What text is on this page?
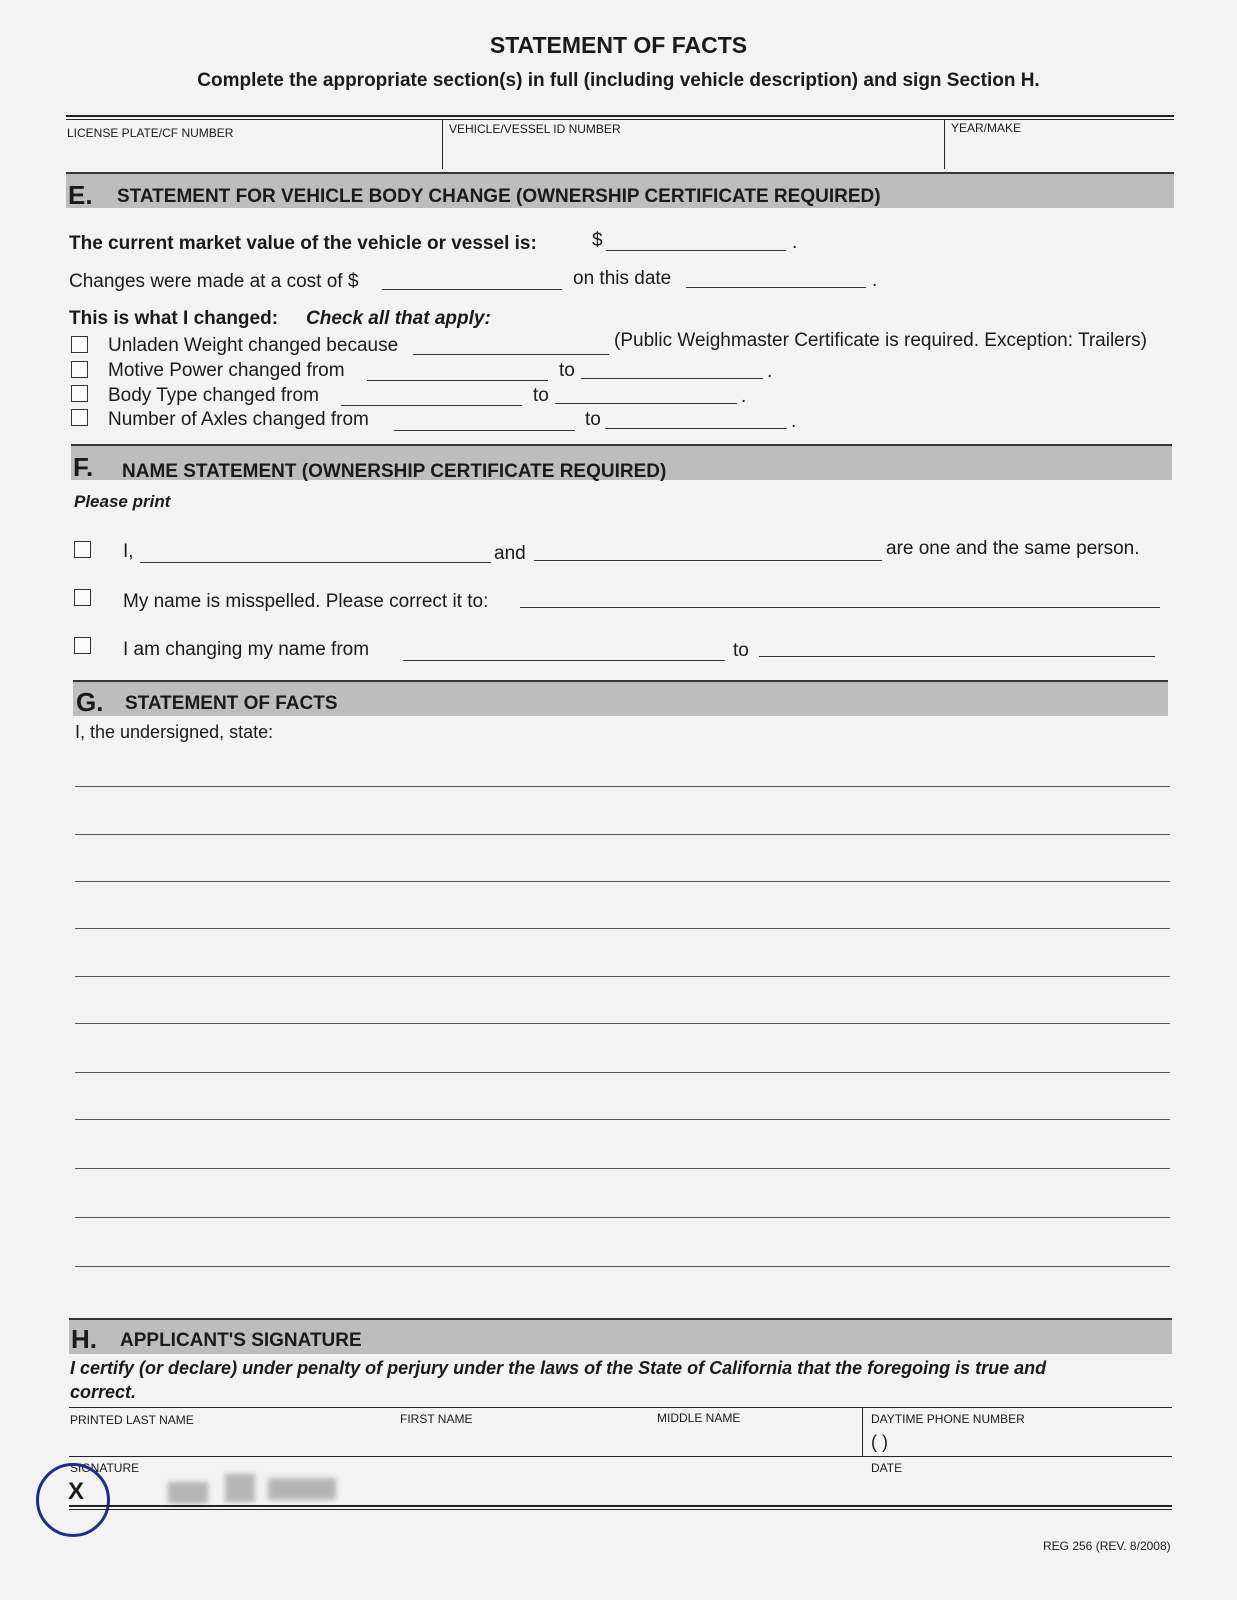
STATEMENT OF FACTS
Complete the appropriate section(s) in full (including vehicle description) and sign Section H.
LICENSE PLATE/CF NUMBER	VEHICLE/VESSEL ID NUMBER	YEAR/MAKE
E. STATEMENT FOR VEHICLE BODY CHANGE (OWNERSHIP CERTIFICATE REQUIRED)
The current market value of the vehicle or vessel is:	$	.
Changes were made at a cost of $	on this date	.
This is what I changed: Check all that apply:
Unladen Weight changed because	(Public Weighmaster Certificate is required. Exception: Trailers)
Motive Power changed from	to	.
Body Type changed from	to	.
Number of Axles changed from	to	.
F. NAME STATEMENT (OWNERSHIP CERTIFICATE REQUIRED)
Please print
I,	and	are one and the same person.
My name is misspelled. Please correct it to:
I am changing my name from	to
G. STATEMENT OF FACTS
I, the undersigned, state:
H. APPLICANT'S SIGNATURE
I certify (or declare) under penalty of perjury under the laws of the State of California that the foregoing is true and
correct.
PRINTED LAST NAME	FIRST NAME	MIDDLE NAME	DAYTIME PHONE NUMBER
( )
SIGNATURE	DATE
X
REG 256 (REV. 8/2008)
